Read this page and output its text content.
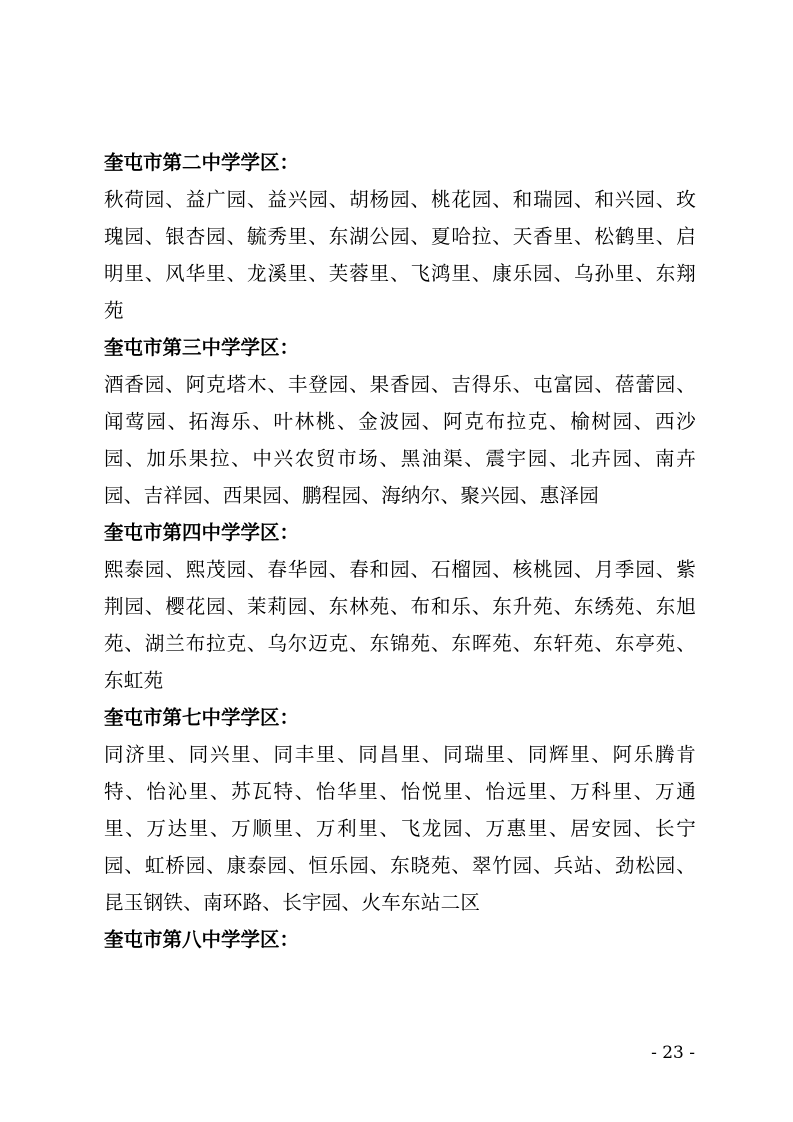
奎屯市第二中学学区：

秋荷园、益广园、益兴园、胡杨园、桃花园、和瑞园、和兴园、玫瑰园、银杏园、毓秀里、东湖公园、夏哈拉、天香里、松鹤里、启明里、风华里、龙溪里、芙蓉里、飞鸿里、康乐园、乌孙里、东翔苑

奎屯市第三中学学区：

酒香园、阿克塔木、丰登园、果香园、吉得乐、屯富园、蓓蕾园、闻莺园、拓海乐、叶林桃、金波园、阿克布拉克、榆树园、西沙园、加乐果拉、中兴农贸市场、黑油渠、震宇园、北卉园、南卉园、吉祥园、西果园、鹏程园、海纳尔、聚兴园、惠泽园

奎屯市第四中学学区：

熙泰园、熙茂园、春华园、春和园、石榴园、核桃园、月季园、紫荆园、樱花园、茉莉园、东林苑、布和乐、东升苑、东绣苑、东旭苑、湖兰布拉克、乌尔迈克、东锦苑、东晖苑、东轩苑、东亭苑、东虹苑

奎屯市第七中学学区：

同济里、同兴里、同丰里、同昌里、同瑞里、同辉里、阿乐腾肯特、怡沁里、苏瓦特、怡华里、怡悦里、怡远里、万科里、万通里、万达里、万顺里、万利里、飞龙园、万惠里、居安园、长宁园、虹桥园、康泰园、恒乐园、东晓苑、翠竹园、兵站、劲松园、昆玉钢铁、南环路、长宇园、火车东站二区

奎屯市第八中学学区：

- 23 -
